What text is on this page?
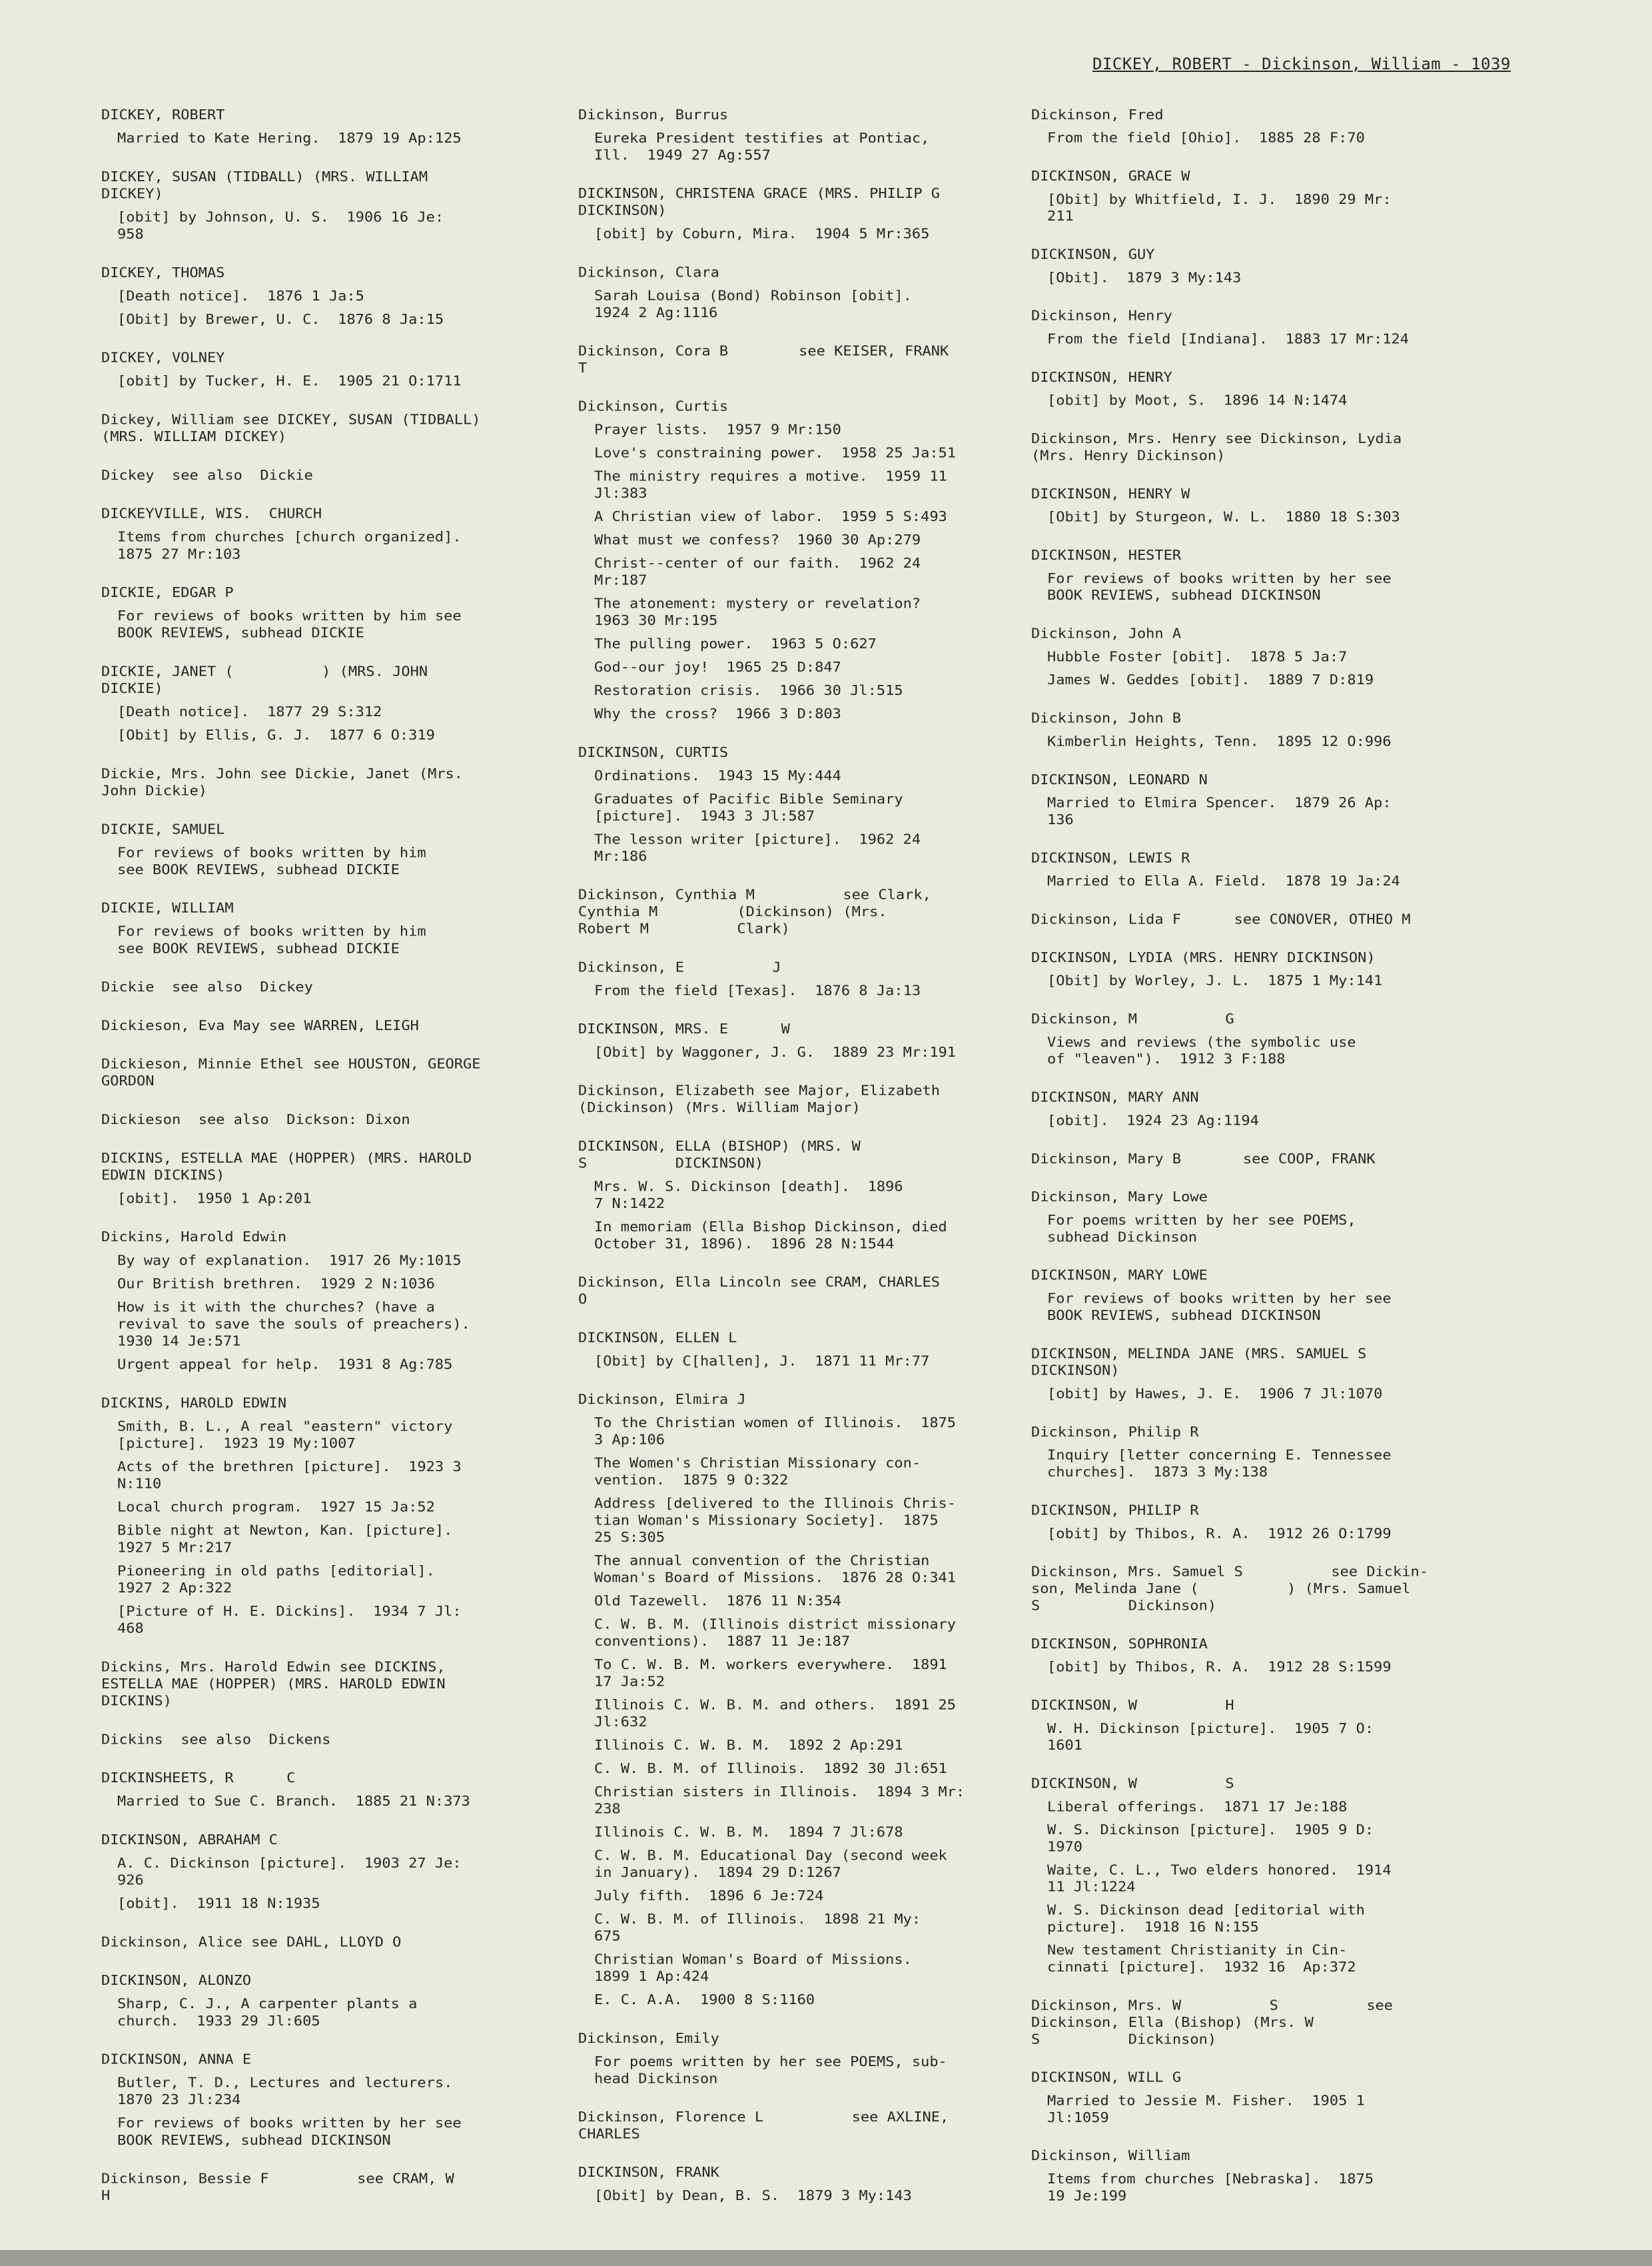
DICKEY, ROBERT - Dickinson, William - 1039
DICKEY, ROBERT
Married to Kate Hering.  1879 19 Ap:125
DICKEY, SUSAN (TIDBALL) (MRS. WILLIAM
DICKEY)
[obit] by Johnson, U. S.  1906 16 Je:
958
DICKEY, THOMAS
[Death notice].  1876 1 Ja:5
[Obit] by Brewer, U. C.  1876 8 Ja:15
DICKEY, VOLNEY
[obit] by Tucker, H. E.  1905 21 O:1711
Dickey, William see DICKEY, SUSAN (TIDBALL)
(MRS. WILLIAM DICKEY)
Dickey  see also  Dickie
DICKEYVILLE, WIS.  CHURCH
Items from churches [church organized].
1875 27 Mr:103
DICKIE, EDGAR P
For reviews of books written by him see
BOOK REVIEWS, subhead DICKIE
DICKIE, JANET (          ) (MRS. JOHN
DICKIE)
[Death notice].  1877 29 S:312
[Obit] by Ellis, G. J.  1877 6 O:319
Dickie, Mrs. John see Dickie, Janet (Mrs.
John Dickie)
DICKIE, SAMUEL
For reviews of books written by him
see BOOK REVIEWS, subhead DICKIE
DICKIE, WILLIAM
For reviews of books written by him
see BOOK REVIEWS, subhead DICKIE
Dickie  see also  Dickey
Dickieson, Eva May see WARREN, LEIGH
Dickieson, Minnie Ethel see HOUSTON, GEORGE
GORDON
Dickieson  see also  Dickson: Dixon
DICKINS, ESTELLA MAE (HOPPER) (MRS. HAROLD
EDWIN DICKINS)
[obit].  1950 1 Ap:201
Dickins, Harold Edwin
By way of explanation.  1917 26 My:1015
Our British brethren.  1929 2 N:1036
How is it with the churches? (have a
revival to save the souls of preachers).
1930 14 Je:571
Urgent appeal for help.  1931 8 Ag:785
DICKINS, HAROLD EDWIN
Smith, B. L., A real "eastern" victory
[picture].  1923 19 My:1007
Acts of the brethren [picture].  1923 3
N:110
Local church program.  1927 15 Ja:52
Bible night at Newton, Kan. [picture].
1927 5 Mr:217
Pioneering in old paths [editorial].
1927 2 Ap:322
[Picture of H. E. Dickins].  1934 7 Jl:
468
Dickins, Mrs. Harold Edwin see DICKINS,
ESTELLA MAE (HOPPER) (MRS. HAROLD EDWIN
DICKINS)
Dickins  see also  Dickens
DICKINSHEETS, R      C
Married to Sue C. Branch.  1885 21 N:373
DICKINSON, ABRAHAM C
A. C. Dickinson [picture].  1903 27 Je:
926
[obit].  1911 18 N:1935
Dickinson, Alice see DAHL, LLOYD O
DICKINSON, ALONZO
Sharp, C. J., A carpenter plants a
church.  1933 29 Jl:605
DICKINSON, ANNA E
Butler, T. D., Lectures and lecturers.
1870 23 Jl:234
For reviews of books written by her see
BOOK REVIEWS, subhead DICKINSON
Dickinson, Bessie F          see CRAM, W
H
Dickinson, Burrus
Eureka President testifies at Pontiac,
Ill.  1949 27 Ag:557
DICKINSON, CHRISTENA GRACE (MRS. PHILIP G
DICKINSON)
[obit] by Coburn, Mira.  1904 5 Mr:365
Dickinson, Clara
Sarah Louisa (Bond) Robinson [obit].
1924 2 Ag:1116
Dickinson, Cora B        see KEISER, FRANK
T
Dickinson, Curtis
Prayer lists.  1957 9 Mr:150
Love's constraining power.  1958 25 Ja:51
The ministry requires a motive.  1959 11
Jl:383
A Christian view of labor.  1959 5 S:493
What must we confess?  1960 30 Ap:279
Christ--center of our faith.  1962 24
Mr:187
The atonement: mystery or revelation?
1963 30 Mr:195
The pulling power.  1963 5 O:627
God--our joy!  1965 25 D:847
Restoration crisis.  1966 30 Jl:515
Why the cross?  1966 3 D:803
DICKINSON, CURTIS
Ordinations.  1943 15 My:444
Graduates of Pacific Bible Seminary
[picture].  1943 3 Jl:587
The lesson writer [picture].  1962 24
Mr:186
Dickinson, Cynthia M          see Clark,
Cynthia M         (Dickinson) (Mrs.
Robert M          Clark)
Dickinson, E          J
From the field [Texas].  1876 8 Ja:13
DICKINSON, MRS. E      W
[Obit] by Waggoner, J. G.  1889 23 Mr:191
Dickinson, Elizabeth see Major, Elizabeth
(Dickinson) (Mrs. William Major)
DICKINSON, ELLA (BISHOP) (MRS. W
S          DICKINSON)
Mrs. W. S. Dickinson [death].  1896
7 N:1422
In memoriam (Ella Bishop Dickinson, died
October 31, 1896).  1896 28 N:1544
Dickinson, Ella Lincoln see CRAM, CHARLES
O
DICKINSON, ELLEN L
[Obit] by C[hallen], J.  1871 11 Mr:77
Dickinson, Elmira J
To the Christian women of Illinois.  1875
3 Ap:106
The Women's Christian Missionary con-
vention.  1875 9 O:322
Address [delivered to the Illinois Chris-
tian Woman's Missionary Society].  1875
25 S:305
The annual convention of the Christian
Woman's Board of Missions.  1876 28 O:341
Old Tazewell.  1876 11 N:354
C. W. B. M. (Illinois district missionary
conventions).  1887 11 Je:187
To C. W. B. M. workers everywhere.  1891
17 Ja:52
Illinois C. W. B. M. and others.  1891 25
Jl:632
Illinois C. W. B. M.  1892 2 Ap:291
C. W. B. M. of Illinois.  1892 30 Jl:651
Christian sisters in Illinois.  1894 3 Mr:
238
Illinois C. W. B. M.  1894 7 Jl:678
C. W. B. M. Educational Day (second week
in January).  1894 29 D:1267
July fifth.  1896 6 Je:724
C. W. B. M. of Illinois.  1898 21 My:
675
Christian Woman's Board of Missions.
1899 1 Ap:424
E. C. A.A.  1900 8 S:1160
Dickinson, Emily
For poems written by her see POEMS, sub-
head Dickinson
Dickinson, Florence L          see AXLINE,
CHARLES
DICKINSON, FRANK
[Obit] by Dean, B. S.  1879 3 My:143
Dickinson, Fred
From the field [Ohio].  1885 28 F:70
DICKINSON, GRACE W
[Obit] by Whitfield, I. J.  1890 29 Mr:
211
DICKINSON, GUY
[Obit].  1879 3 My:143
Dickinson, Henry
From the field [Indiana].  1883 17 Mr:124
DICKINSON, HENRY
[obit] by Moot, S.  1896 14 N:1474
Dickinson, Mrs. Henry see Dickinson, Lydia
(Mrs. Henry Dickinson)
DICKINSON, HENRY W
[Obit] by Sturgeon, W. L.  1880 18 S:303
DICKINSON, HESTER
For reviews of books written by her see
BOOK REVIEWS, subhead DICKINSON
Dickinson, John A
Hubble Foster [obit].  1878 5 Ja:7
James W. Geddes [obit].  1889 7 D:819
Dickinson, John B
Kimberlin Heights, Tenn.  1895 12 O:996
DICKINSON, LEONARD N
Married to Elmira Spencer.  1879 26 Ap:
136
DICKINSON, LEWIS R
Married to Ella A. Field.  1878 19 Ja:24
Dickinson, Lida F      see CONOVER, OTHEO M
DICKINSON, LYDIA (MRS. HENRY DICKINSON)
[Obit] by Worley, J. L.  1875 1 My:141
Dickinson, M          G
Views and reviews (the symbolic use
of "leaven").  1912 3 F:188
DICKINSON, MARY ANN
[obit].  1924 23 Ag:1194
Dickinson, Mary B       see COOP, FRANK
Dickinson, Mary Lowe
For poems written by her see POEMS,
subhead Dickinson
DICKINSON, MARY LOWE
For reviews of books written by her see
BOOK REVIEWS, subhead DICKINSON
DICKINSON, MELINDA JANE (MRS. SAMUEL S
DICKINSON)
[obit] by Hawes, J. E.  1906 7 Jl:1070
Dickinson, Philip R
Inquiry [letter concerning E. Tennessee
churches].  1873 3 My:138
DICKINSON, PHILIP R
[obit] by Thibos, R. A.  1912 26 O:1799
Dickinson, Mrs. Samuel S          see Dickin-
son, Melinda Jane (          ) (Mrs. Samuel
S          Dickinson)
DICKINSON, SOPHRONIA
[obit] by Thibos, R. A.  1912 28 S:1599
DICKINSON, W          H
W. H. Dickinson [picture].  1905 7 O:
1601
DICKINSON, W          S
Liberal offerings.  1871 17 Je:188
W. S. Dickinson [picture].  1905 9 D:
1970
Waite, C. L., Two elders honored.  1914
11 Jl:1224
W. S. Dickinson dead [editorial with
picture].  1918 16 N:155
New testament Christianity in Cin-
cinnati [picture].  1932 16  Ap:372
Dickinson, Mrs. W          S          see
Dickinson, Ella (Bishop) (Mrs. W
S          Dickinson)
DICKINSON, WILL G
Married to Jessie M. Fisher.  1905 1
Jl:1059
Dickinson, William
Items from churches [Nebraska].  1875
19 Je:199
